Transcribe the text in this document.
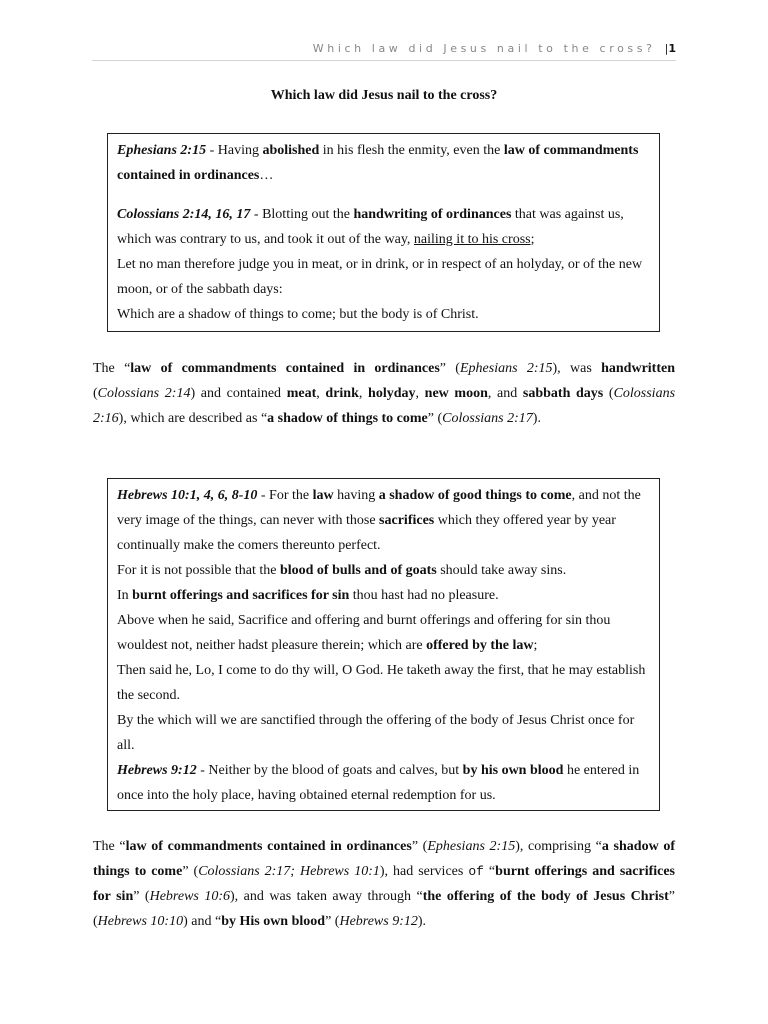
Which law did Jesus nail to the cross? |1
Which law did Jesus nail to the cross?

Ephesians 2:15 - Having abolished in his flesh the enmity, even the law of commandments contained in ordinances…

Colossians 2:14, 16, 17 - Blotting out the handwriting of ordinances that was against us, which was contrary to us, and took it out of the way, nailing it to his cross;

Let no man therefore judge you in meat, or in drink, or in respect of an holyday, or of the new moon, or of the sabbath days:

Which are a shadow of things to come; but the body is of Christ.

The “law of commandments contained in ordinances” (Ephesians 2:15), was handwritten (Colossians 2:14) and contained meat, drink, holyday, new moon, and sabbath days (Colossians 2:16), which are described as “a shadow of things to come” (Colossians 2:17).

Hebrews 10:1, 4, 6, 8-10 - For the law having a shadow of good things to come, and not the very image of the things, can never with those sacrifices which they offered year by year continually make the comers thereunto perfect.

For it is not possible that the blood of bulls and of goats should take away sins.

In burnt offerings and sacrifices for sin thou hast had no pleasure.

Above when he said, Sacrifice and offering and burnt offerings and offering for sin thou wouldest not, neither hadst pleasure therein; which are offered by the law;

Then said he, Lo, I come to do thy will, O God. He taketh away the first, that he may establish the second.

By the which will we are sanctified through the offering of the body of Jesus Christ once for all.

Hebrews 9:12 - Neither by the blood of goats and calves, but by his own blood he entered in once into the holy place, having obtained eternal redemption for us.

The “law of commandments contained in ordinances” (Ephesians 2:15), comprising “a shadow of things to come” (Colossians 2:17; Hebrews 10:1), had services of “burnt offerings and sacrifices for sin” (Hebrews 10:6), and was taken away through “the offering of the body of Jesus Christ” (Hebrews 10:10) and “by His own blood” (Hebrews 9:12).
